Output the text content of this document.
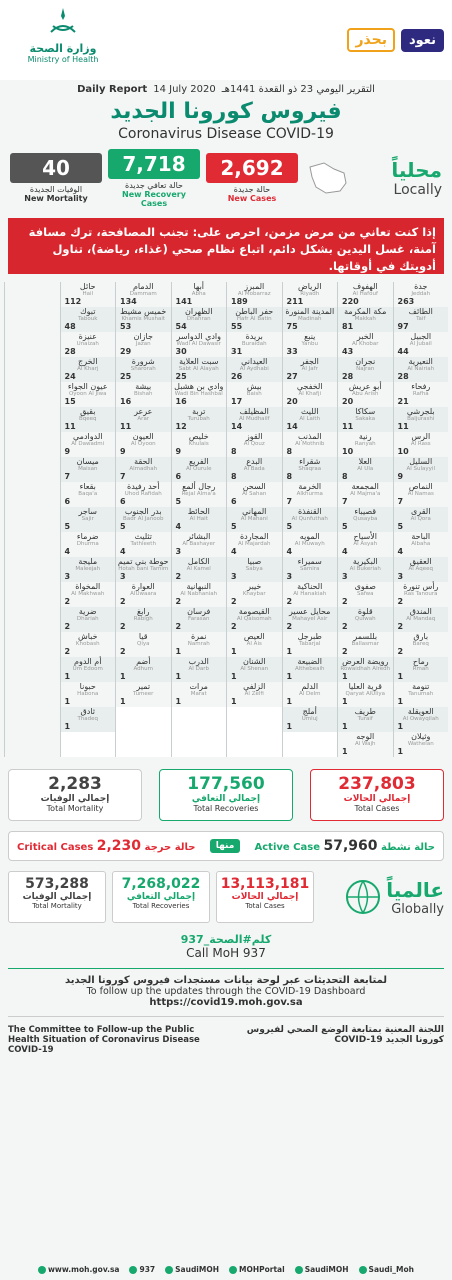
وزارة الصحة
Ministry of Health
بحذر	نعود
Daily Report 14 July 2020 التقرير اليومي 23 ذو القعدة 1441هـ
فيروس كورونا الجديد
Coronavirus Disease COVID-19
40
الوفيات الجديدة
New Mortality
7,718
حالة تعافي جديدة
New Recovery Cases
2,692
حالة جديدة
New Cases
محلياً
Locally
إذا كنت تعاني من مرض مزمن، احرص على: تجنب المصافحة، ترك مسافة آمنة، غسل اليدين بشكل دائم، اتباع نظام صحي (غذاء، رياضة)، تناول أدويتك في أوقاتها.
جدة
Jeddah
263
الطائف
Taif
97
الجبيل
Al Jubail
44
النعيرية
Al Nairiah
28
رفحاء
Rafha
21
بلجرشي
Baljurashi
11
الرس
Al Rass
10
السليل
Al Sulayyil
9
النماص
Al Namas
7
القرى
Al Qora
5
الباحة
Albaha
4
العقيق
Al Aqeeq
3
رأس تنورة
Ras Tanoura
2
المندق
Al Mandaq
2
بارق
Bareq
2
رماح
Rmah
1
تنومة
Tanumah
1
العويقلة
Al Owayqilah
1
وثيلان
Wathelan
1
الهفوف
Al Hafouf
220
مكة المكرمة
Makkah
81
الخبر
Al Khobar
43
نجران
Najran
28
أبو عريش
Abu Arish
20
سكاكا
Sakaka
11
رنية
Ranyah
10
العلا
Al Ula
8
المجمعة
Al Majma'a
7
قصيباء
Qusayba
5
الأسياح
Al Asyah
4
البكيرية
Al Bukeriah
3
صفوى
Safwa
2
قلوة
Qulwah
2
بللسمر
Ballasmar
2
رويضة العرض
Rowaidhah Alredh
1
قرية العليا
Qaryat AlUliya
1
طريف
Turaif
1
الوجه
Al Wajh
1
الرياض
Riyadh
211
المدينة المنورة
Madinah
75
ينبع
Yanbu
33
الجفر
Al Jafr
27
الخفجي
Al Khafji
20
الليث
Al Laith
14
المذنب
Al Mothnib
8
شقراء
Shaqraa
8
الخرمة
Alkhurma
7
القنفذة
Al Qunfuthah
5
المويه
Al Muwayh
4
سميراء
Samira
3
الحناكية
Al Hanakiah
2
محايل عسير
Mahayel Asir
2
طبرجل
Tabarjal
1
الضبيعة
Althebeaih
1
الدلم
Al Delm
1
أملج
Umluj
1
المبرز
Al Mobarraz
189
حفر الباطن
Hafr Al Batin
55
بريدة
Buraidah
31
العيداني
Al Aydhabi
26
بيش
Baish
17
المظيلف
Al Mudhailf
14
القوز
Al Qouz
8
البدع
Al Bada
8
السحن
Al Sahan
6
المهاني
Al Mahani
5
المجاردة
Al Majardah
4
صبيا
Sabya
3
خيبر
Khaybar
2
القيصومة
Al Qaisomah
2
العيص
Al Ais
1
الشنان
Al Shenan
1
الزلفي
Al Zelfi
1
أبها
Abha
141
الظهران
Dhahran
54
وادي الدواسر
Wadi Al Dawasir
30
سبت العلاية
Sabt Al Alayah
25
وادي بن هشبل
Wadi Bin Hashbal
16
تربة
Turubah
12
خليص
Khulais
9
الفريع
Al Ourule
6
رجال ألمع
Rejal Alma'a
5
الحائط
Al Hait
4
البشائر
Al Bashayer
3
الكامل
Al Kamel
2
النبهانية
Al Nabhaniah
2
فرسان
Farasan
2
نمرة
Namrah
1
الدرب
Al Darb
1
مرات
Marat
1
الدمام
Dammam
134
خميس مشيط
Khamis Mushait
53
جازان
Jazan
29
شرورة
Sharorah
25
بيشة
Bishah
16
عرعر
Arar
11
العيون
Al Oyoon
9
الحقة
Almadhah
7
أحد رفيدة
Uhod Rafidah
6
بدر الجنوب
Badr Al Janoob
5
تثليث
Tathleeth
4
حوطة بني تميم
Hotah bani Tamim
3
العوارة
AlUwaara
2
رابغ
Rabigh
2
قيا
Qiya
2
أضم
Adhum
1
تمير
Tumeer
1
حائل
Hail
112
تبوك
Tabouk
48
عنيزة
Unaizah
28
الخرج
Al Kharj
24
عيون الجواء
Oyoon Al Jiwa
15
بقيق
Bqeeq
11
الدوادمي
Al Dawadmi
9
ميسان
Maisan
7
بقعاء
Baqa'a
6
ساجر
Sajir
5
ضرماء
Dhurma
4
مليجة
Maleejah
3
المخواة
Al Makhwah
2
ضرية
Dhariah
2
خباش
Khobash
2
أم الدوم
Um Edoom
1
حبونا
Habona
1
ثادق
Thadeq
1
2,283
إجمالي الوفيات
Total Mortality
177,560
إجمالي التعافي
Total Recoveries
237,803
إجمالي الحالات
Total Cases
Critical Cases حالة حرجة 2,230	منها	Active Case حالة نشطة 57,960
573,288
إجمالي الوفيات
Total Mortality
7,268,022
إجمالي التعافي
Total Recoveries
13,113,181
إجمالي الحالات
Total Cases
عالمياً
Globally
كلم#الصحة_937
Call MoH 937
لمتابعة التحديثات عبر لوحة بيانات مستجدات فيروس كورونا الجديد
To follow up the updates through the COVID-19 Dashboard
https://covid19.moh.gov.sa
The Committee to Follow-up the Public Health Situation of Coronavirus Disease COVID-19
اللجنة المعنية بمتابعة الوضع الصحي لفيروس كورونا الجديد COVID-19
www.moh.gov.sa	937	SaudiMOH	MOHPortal	SaudiMOH	Saudi_Moh
